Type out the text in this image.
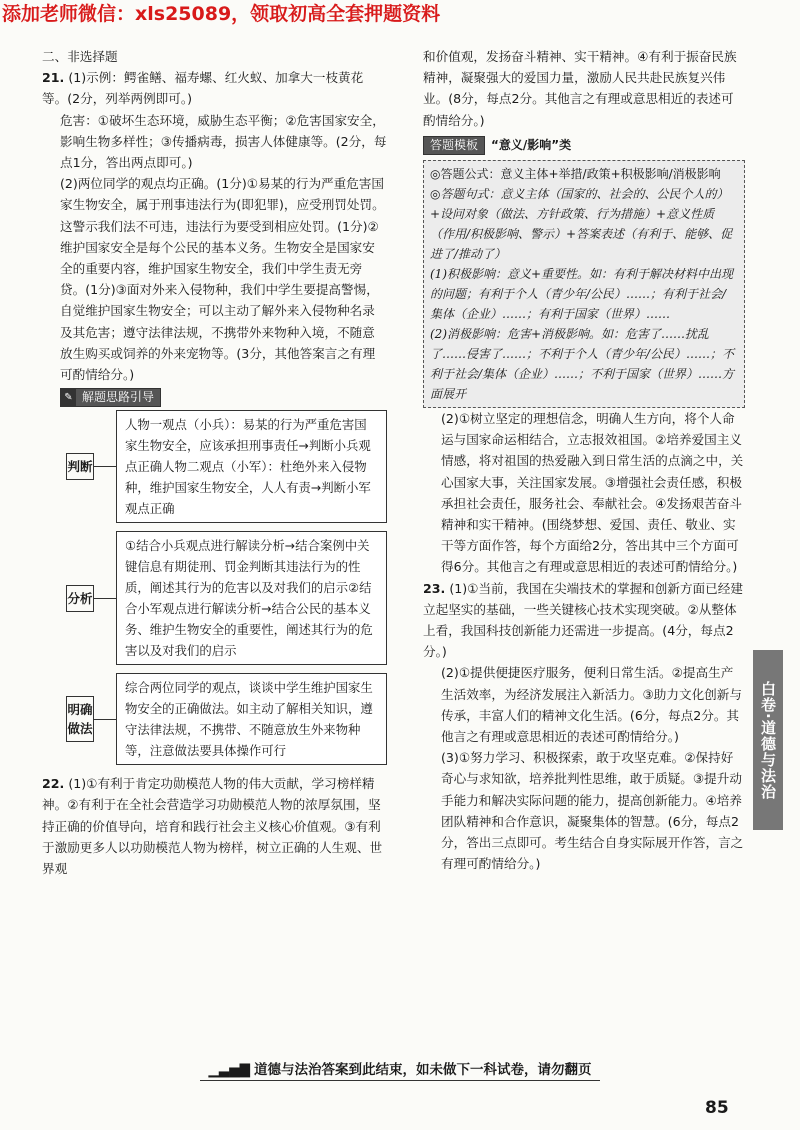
添加老师微信：xls25089，领取初高全套押题资料

二、非选择题

21. (1)示例：鳄雀鳝、福寿螺、红火蚁、加拿大一枝黄花等。(2分，列举两例即可。)

危害：①破坏生态环境，威胁生态平衡；②危害国家安全，影响生物多样性；③传播病毒，损害人体健康等。(2分，每点1分，答出两点即可。)

(2)两位同学的观点均正确。(1分)①易某的行为严重危害国家生物安全，属于刑事违法行为(即犯罪)，应受刑罚处罚。这警示我们法不可违，违法行为要受到相应处罚。(1分)②维护国家安全是每个公民的基本义务。生物安全是国家安全的重要内容，维护国家生物安全，我们中学生责无旁贷。(1分)③面对外来入侵物种，我们中学生要提高警惕，自觉维护国家生物安全；可以主动了解外来入侵物种名录及其危害；遵守法律法规，不携带外来物种入境，不随意放生购买或饲养的外来宠物等。(3分，其他答案言之有理可酌情给分。)

✎ 解题思路引导
判断
人物一观点（小兵）：易某的行为严重危害国家生物安全，应该承担刑事责任→判断小兵观点正确人物二观点（小军）：杜绝外来入侵物种，维护国家生物安全，人人有责→判断小军观点正确
分析
①结合小兵观点进行解读分析→结合案例中关键信息有期徒刑、罚金判断其违法行为的性质，阐述其行为的危害以及对我们的启示②结合小军观点进行解读分析→结合公民的基本义务、维护生物安全的重要性，阐述其行为的危害以及对我们的启示
明确做法
综合两位同学的观点，谈谈中学生维护国家生物安全的正确做法。如主动了解相关知识，遵守法律法规，不携带、不随意放生外来物种等，注意做法要具体操作可行

22. (1)①有利于肯定功勋模范人物的伟大贡献，学习榜样精神。②有利于在全社会营造学习功勋模范人物的浓厚氛围，坚持正确的价值导向，培育和践行社会主义核心价值观。③有利于激励更多人以功勋模范人物为榜样，树立正确的人生观、世界观

和价值观，发扬奋斗精神、实干精神。④有利于振奋民族精神，凝聚强大的爱国力量，激励人民共赴民族复兴伟业。(8分，每点2分。其他言之有理或意思相近的表述可酌情给分。)

答题模板	“意义/影响”类

◎答题公式：意义主体+举措/政策+积极影响/消极影响

◎答题句式：意义主体（国家的、社会的、公民个人的）+设问对象（做法、方针政策、行为措施）+意义性质（作用/积极影响、警示）+答案表述（有利于、能够、促进了/推动了）

(1)积极影响：意义+重要性。如：有利于解决材料中出现的问题；有利于个人（青少年/公民）……；有利于社会/集体（企业）……；有利于国家（世界）……

(2)消极影响：危害+消极影响。如：危害了……扰乱了……侵害了……；不利于个人（青少年/公民）……；不利于社会/集体（企业）……；不利于国家（世界）……方面展开

(2)①树立坚定的理想信念，明确人生方向，将个人命运与国家命运相结合，立志报效祖国。②培养爱国主义情感，将对祖国的热爱融入到日常生活的点滴之中，关心国家大事，关注国家发展。③增强社会责任感，积极承担社会责任，服务社会、奉献社会。④发扬艰苦奋斗精神和实干精神。(围绕梦想、爱国、责任、敬业、实干等方面作答，每个方面给2分，答出其中三个方面可得6分。其他言之有理或意思相近的表述可酌情给分。)

23. (1)①当前，我国在尖端技术的掌握和创新方面已经建立起坚实的基础，一些关键核心技术实现突破。②从整体上看，我国科技创新能力还需进一步提高。(4分，每点2分。)

(2)①提供便捷医疗服务，便利日常生活。②提高生产生活效率，为经济发展注入新活力。③助力文化创新与传承，丰富人们的精神文化生活。(6分，每点2分。其他言之有理或意思相近的表述可酌情给分。)

(3)①努力学习、积极探索，敢于攻坚克难。②保持好奇心与求知欲，培养批判性思维，敢于质疑。③提升动手能力和解决实际问题的能力，提高创新能力。④培养团队精神和合作意识，凝聚集体的智慧。(6分，每点2分，答出三点即可。考生结合自身实际展开作答，言之有理可酌情给分。)

白卷·道德与法治
▁▃▅▇ 道德与法治答案到此结束，如未做下一科试卷，请勿翻页
85
